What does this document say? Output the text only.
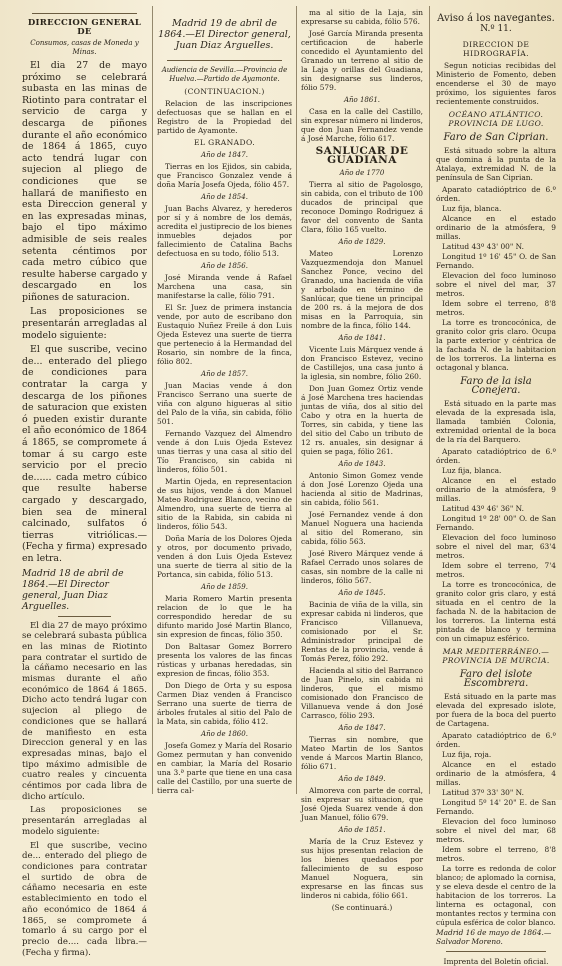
DIRECCION GENERAL DE
Consumos, casas de Moneda y Minas.

El dia 27 de mayo próximo se celebrará subasta en las minas de Riotinto para contratar el servicio de carga y descarga de piñones durante el año económico de 1864 á 1865, cuyo acto tendrá lugar con sujecion al pliego de condiciones que se hallará de manifiesto en esta Direccion general y en las expresadas minas, bajo el tipo máximo admisible de seis reales setenta céntimos por cada metro cúbico que resulte haberse cargado y descargado en los piñones de saturacion.

Las proposiciones se presentarán arregladas al modelo siguiente:

El que suscribe, vecino de... enterado del pliego de condiciones para contratar la carga y descarga de los piñones de saturacion que existen ó pueden existir durante el año económico de 1864 á 1865, se compromete á tomar á su cargo este servicio por el precio de...... cada metro cúbico que resulte haberse cargado y descargado, bien sea de mineral calcinado, sulfatos ó tierras vitriólicas.—(Fecha y firma) expresado en letra.

Madrid 18 de abril de 1864.—El Director general, Juan Diaz Arguelles.

El dia 27 de mayo próximo se celebrará subasta pública en las minas de Riotinto para contratar el surtido de la cáñamo necesario en las mismas durante el año económico de 1864 á 1865. Dicho acto tendrá lugar con sujecion al pliego de condiciones que se hallará de manifiesto en esta Direccion general y en las expresadas minas, bajo el tipo máximo admisible de cuatro reales y cincuenta céntimos por cada libra de dicho artículo.

Las proposiciones se presentarán arregladas al modelo siguiente:

El que suscribe, vecino de... enterado del pliego de condiciones para contratar el surtido de obra de cáñamo necesaria en este establecimiento en todo el año económico de 1864 á 1865, se compromete á tomarlo á su cargo por el precio de.... cada libra.—(Fecha y firma).

Madrid 19 de abril de 1864.—El Director general, Juan Diaz Arguelles.

Audiencia de Sevilla.—Provincia de Huelva.—Partido de Ayamonte.
(CONTINUACION.)

Relacion de las inscripciones defectuosas que se hallan en el Registro de la Propiedad del partido de Ayamonte.

EL GRANADO.
Año de 1847.

Tierras en los Ejidos, sin cabida, que Francisco Gonzalez vende á doña María Josefa Ojeda, fólio 457.

Año de 1854.

Juan Bachs Alvarez, y herederos por sí y á nombre de los demás, acredita el justiprecio de los bienes inmuebles dejados por fallecimiento de Catalina Bachs defectuosa en su todo, fólio 513.

Año de 1856.

José Miranda vende á Rafael Marchena una casa, sin manifestarse la calle, fólio 791.

El Sr. Juez de primera instancia vende, por auto de escribano don Eustaquio Nuñez Freile á don Luis Ojeda Estevez una suerte de tierra que pertenecio á la Hermandad del Rosario, sin nombre de la finca, fólio 802.

Año de 1857.

Juan Macias vende á don Francisco Serrano una suerte de viña con alguno higueras al sitio del Palo de la viña, sin cabida, fólio 501.

Fernando Vazquez del Almendro vende á don Luis Ojeda Estevez unas tierras y una casa al sitio del Tío Francisco, sin cabida ni linderos, fólio 501.

Martin Ojeda, en representacion de sus hijos, vende á don Manuel Mateo Rodriguez Blanco, vecino de Almendro, una suerte de tierra al sitio de la Rabida, sin cabida ni linderos, fólio 543.

Doña María de los Dolores Ojeda y otros, por documento privado, venden á don Luis Ojeda Estevez una suerte de tierra al sitio de la Portanca, sin cabida, fólio 513.

Año de 1859.

Maria Romero Martin presenta relacion de lo que le ha correspondido heredar de su difunto marido José Martin Blanco, sin expresion de fincas, fólio 350.

Don Baltasar Gomez Borrero presenta los valores de las fincas rústicas y urbanas heredadas, sin expresion de fincas, fólio 353.

Don Diego de Orta y su esposa Carmen Diaz venden á Francisco Serrano una suerte de tierra de árboles frutales al sitio del Palo de la Mata, sin cabida, fólio 412.

Año de 1860.

Josefa Gomez y María del Rosario Gomez permutan y han convenido en cambiar, la María del Rosario una 3.ª parte que tiene en una casa calle del Castillo, por una suerte de tierra cal-

ma al sitio de la Laja, sin expresarse su cabida, fólio 576.

José García Miranda presenta certificacion de haberle concedido el Ayuntamiento del Granado un terreno al sitio de la Laja y orillas del Guadiana, sin designarse sus linderos, fólio 579.

Año 1861.

Casa en la calle del Castillo, sin expresar número ni linderos, que don Juan Fernandez vende á José Marche, fólio 617.

SANLUCAR DE GUADIANA
Año de 1770

Tierra al sitio de Pagolosgo, sin cabida, con el tributo de 100 ducados de principal que reconoce Domingo Rodriguez á favor del convento de Santa Clara, fólio 165 vuelto.

Año de 1829.

Mateo Lorenzo Vazquezmendoja don Manuel Sanchez Ponce, vecino del Granado, una hacienda de viña y arbolado en término de Sanlúcar, que tiene un principal de 200 rs. á la mejora de dos misas en la Parroquia, sin nombre de la finca, fólio 144.

Año de 1841.

Vicente Luis Márquez vende á don Francisco Estevez, vecino de Castillejos, una casa junto á la iglesia, sin nombre, fólio 260.

Don Juan Gomez Ortiz vende á José Marchena tres haciendas juntas de viña, dos al sitio del Cabo y otra en la huerta de Torres, sin cabida, y tiene las del sitio del Cabo un tributo de 12 rs. anuales, sin designar á quien se paga, fólio 261.

Año de 1843.

Antonio Simon Gomez vende á don José Lorenzo Ojeda una hacienda al sitio de Madrinas, sin cabida, fólio 561.

José Fernandez vende á don Manuel Noguera una hacienda al sitio del Romerano, sin cabida, fólio 563.

José Rivero Márquez vende á Rafael Cerrado unos solares de casas, sin nombre de la calle ni linderos, fólio 567.

Año de 1845.

Bacinia de viña de la villa, sin expresar cabida ni linderos, que Francisco Villanueva, comisionado por el Sr. Administrador principal de Rentas de la provincia, vende á Tomás Perez, fólio 292.

Hacienda al sitio del Barranco de Juan Pinelo, sin cabida ni linderos, que el mismo comisionado don Francisco de Villanueva vende á don José Carrasco, fólio 293.

Año de 1847.

Tierras sin nombre, que Mateo Martin de los Santos vende á Marcos Martin Blanco, fólio 671.

Año de 1849.

Almoreva con parte de corral, sin expresar su situacion, que José Ojeda Suarez vende á don Juan Manuel, fólio 679.

Año de 1851.

María de la Cruz Estevez y sus hijos presentan relacion de los bienes quedados por fallecimiento de su esposo Manuel Noguera, sin expresarse en las fincas sus linderos ni cabida, fólio 661.

(Se continuará.)
Aviso á los navegantes.
N.º 11.
DIRECCION DE HIDROGRAFÍA.

Segun noticias recibidas del Ministerio de Fomento, deben encenderse el 30 de mayo próximo, los siguientes faros recientemente construidos.

OCÉANO ATLÁNTICO. PROVINCIA DE LUGO.
Faro de San Ciprian.

Está situado sobre la altura que domina á la punta de la Atalaya, extremidad N. de la península de San Ciprian.

Aparato catadióptrico de 6.º órden.

Luz fija, blanca.

Alcance en el estado ordinario de la atmósfera, 9 millas.

Latitud 43º 43' 00" N.

Longitud 1º 16' 45" O. de San Fernando.

Elevacion del foco luminoso sobre el nivel del mar, 37 metros.

Idem sobre el terreno, 8'8 metros.

La torre es troncocónica, de granito color gris claro. Ocupa la parte exterior y céntrica de la fachada N. de la habitacion de los torreros. La linterna es octagonal y blanca.

Faro de la isla Conejera.

Está situado en la parte mas elevada de la expresada isla, llamada también Colonia, extremidad oriental de la boca de la ría del Barquero.

Aparato catadióptrico de 6.º órden.

Luz fija, blanca.

Alcance en el estado ordinario de la atmósfera, 9 millas.

Latitud 43º 46' 36" N.

Longitud 1º 28' 00" O. de San Fernando.

Elevacion del foco luminoso sobre el nivel del mar, 63'4 metros.

Idem sobre el terreno, 7'4 metros.

La torre es troncocónica, de granito color gris claro, y está situada en el centro de la fachada N. de la habitacion de los torreros. La linterna está pintada de blanco y termina con un cimapuz esférico.

MAR MEDITERRÁNEO.—PROVINCIA DE MURCIA.
Faro del islote Escombrera.

Está situado en la parte mas elevada del expresado islote, por fuera de la boca del puerto de Cartagena.

Aparato catadióptrico de 6.º órden.

Luz fija, roja.

Alcance en el estado ordinario de la atmósfera, 4 millas.

Latitud 37º 33' 30" N.

Longitud 5º 14' 20" E. de San Fernando.

Elevacion del foco luminoso sobre el nivel del mar, 68 metros.

Idem sobre el terreno, 8'8 metros.

La torre es redonda de color blanco; de aplomado la cornisa, y se eleva desde el centro de la habitacion de los torreros. La linterna es octagonal, con montantes rectos y termina con cúpula esférica de color blanco.

Madrid 16 de mayo de 1864.—Salvador Moreno.

Imprenta del Boletín oficial.
